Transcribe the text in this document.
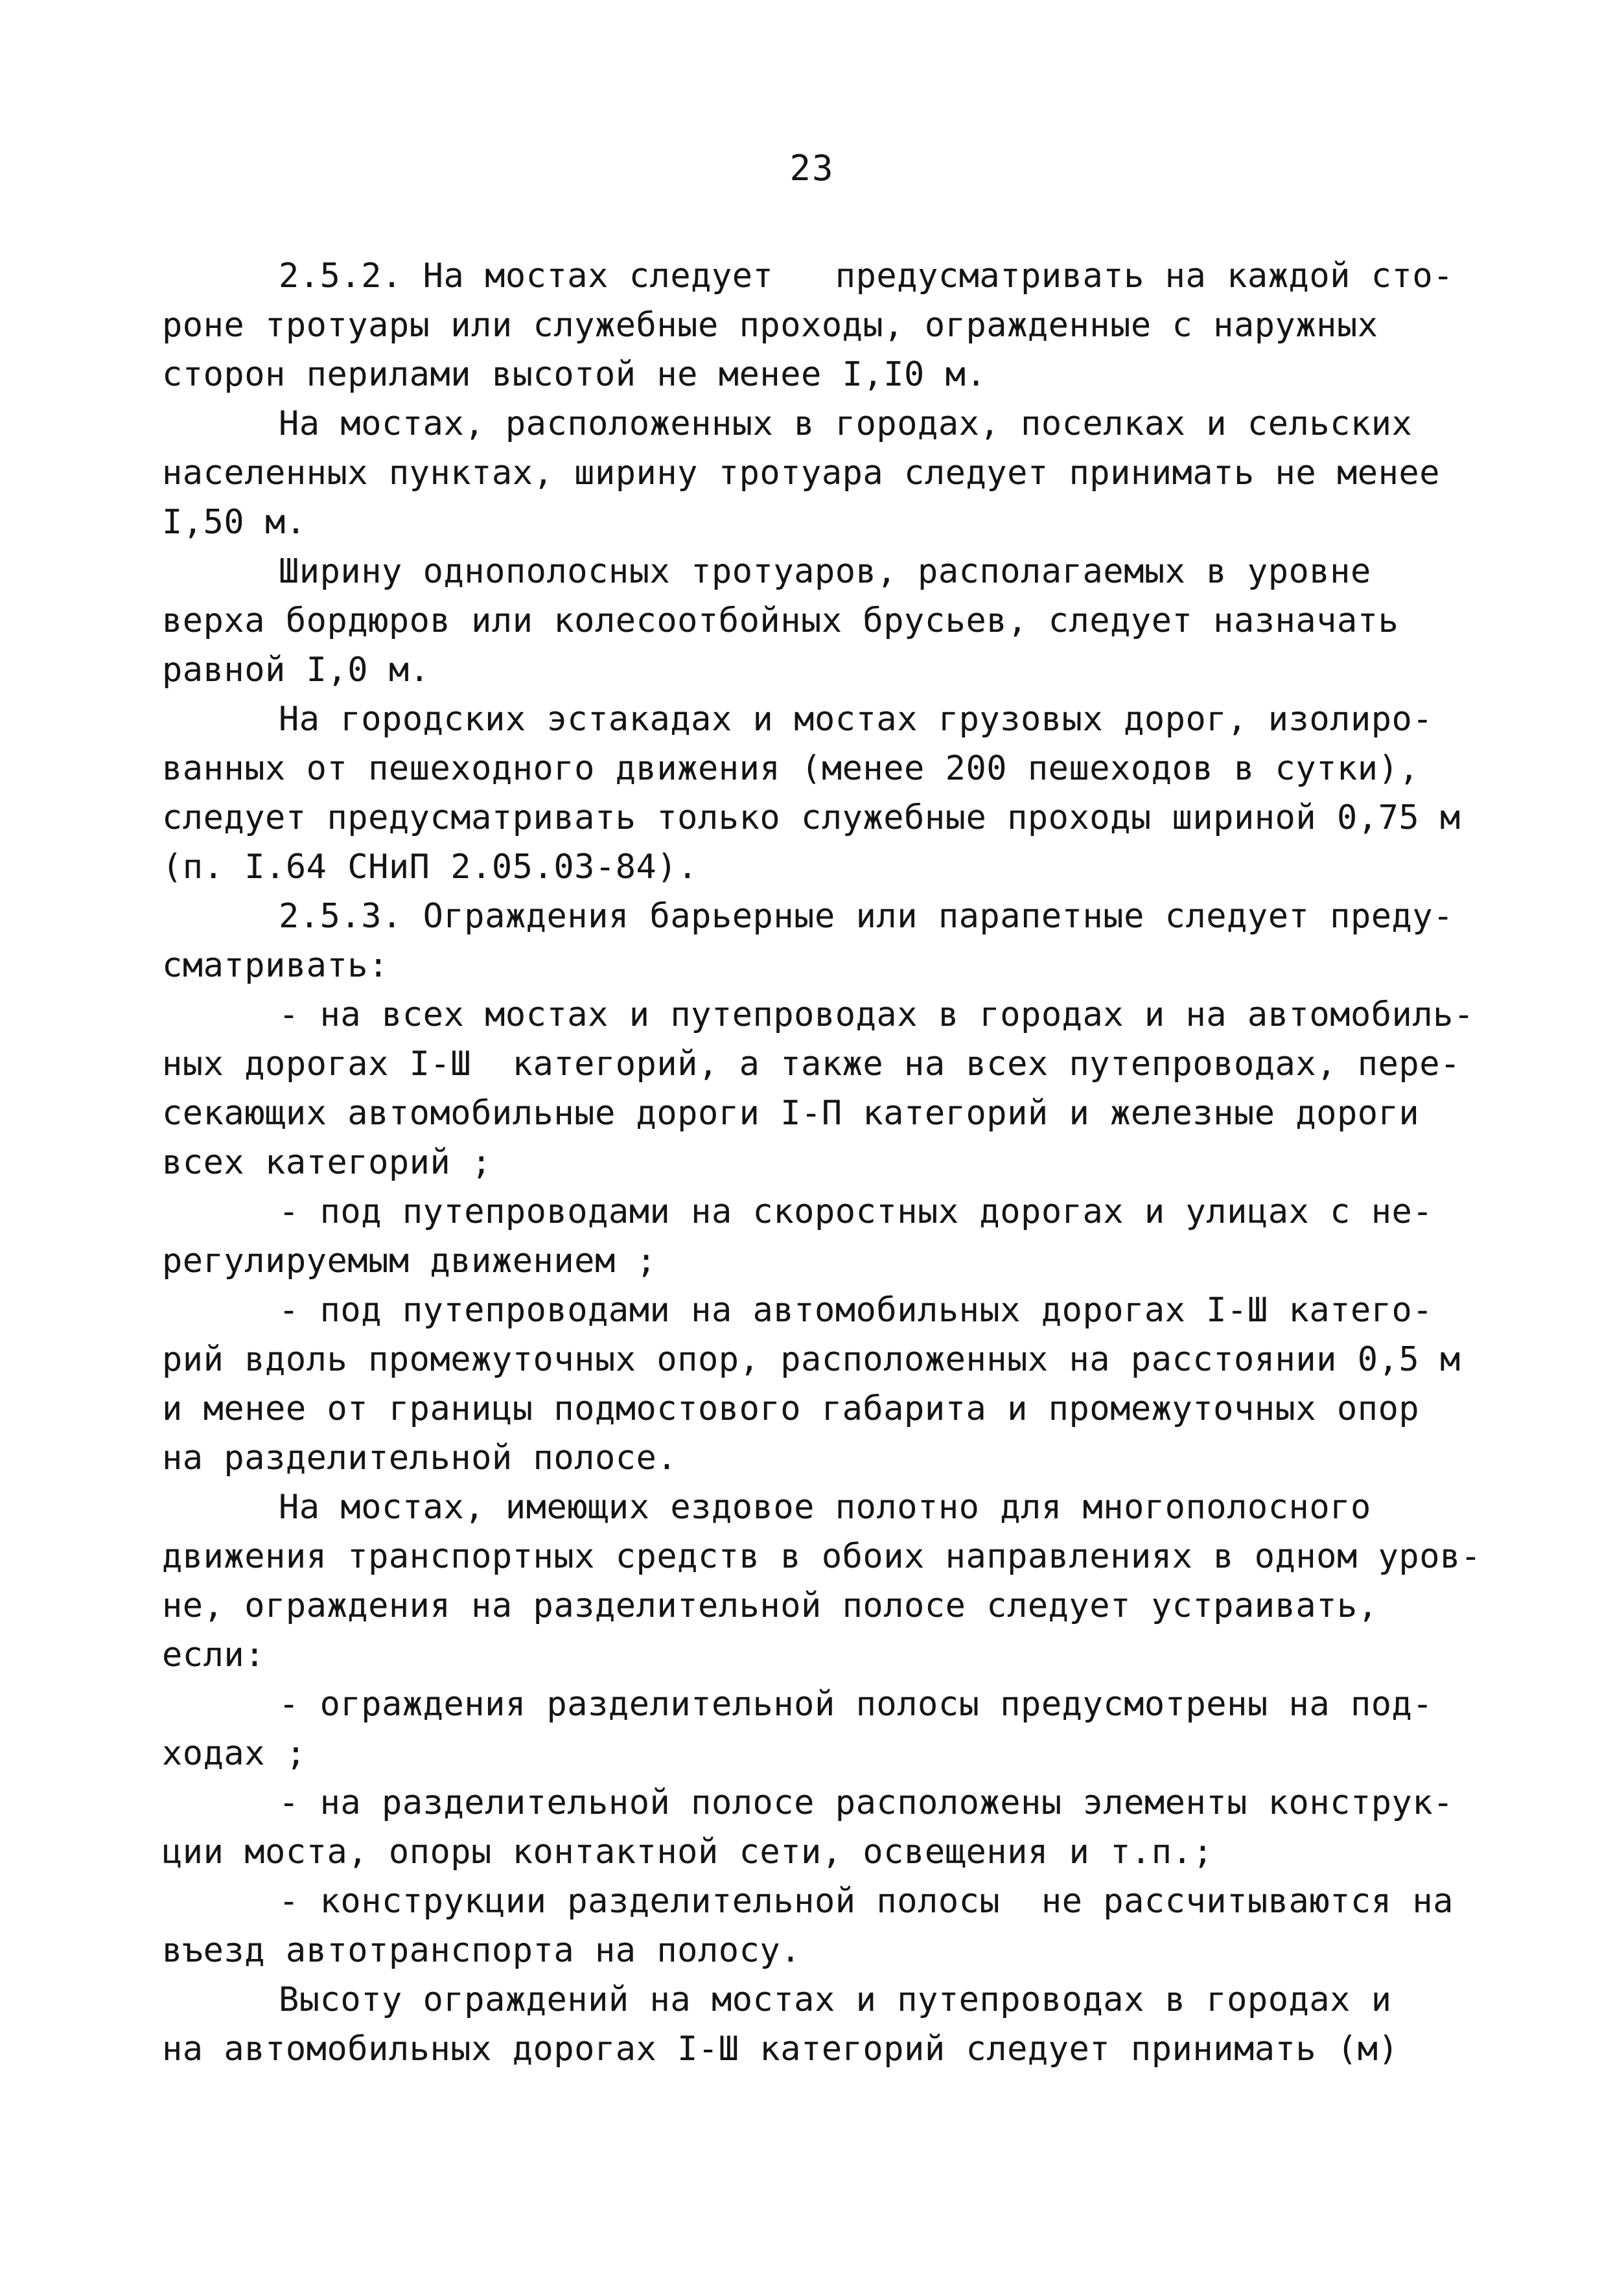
23
2.5.2. На мостах следует   предусматривать на каждой сто-
роне тротуары или служебные проходы, огражденные с наружных
сторон перилами высотой не менее I,I0 м.
На мостах, расположенных в городах, поселках и сельских
населенных пунктах, ширину тротуара следует принимать не менее
I,50 м.
Ширину однополосных тротуаров, располагаемых в уровне
верха бордюров или колесоотбойных брусьев, следует назначать
равной I,0 м.
На городских эстакадах и мостах грузовых дорог, изолиро-
ванных от пешеходного движения (менее 200 пешеходов в сутки),
следует предусматривать только служебные проходы шириной 0,75 м
(п. I.64 СНиП 2.05.03-84).
2.5.3. Ограждения барьерные или парапетные следует преду-
сматривать:
- на всех мостах и путепроводах в городах и на автомобиль-
ных дорогах I-Ш  категорий, а также на всех путепроводах, пере-
секающих автомобильные дороги I-П категорий и железные дороги
всех категорий ;
- под путепроводами на скоростных дорогах и улицах с не-
регулируемым движением ;
- под путепроводами на автомобильных дорогах I-Ш катего-
рий вдоль промежуточных опор, расположенных на расстоянии 0,5 м
и менее от границы подмостового габарита и промежуточных опор
на разделительной полосе.
На мостах, имеющих ездовое полотно для многополосного
движения транспортных средств в обоих направлениях в одном уров-
не, ограждения на разделительной полосе следует устраивать,
если:
- ограждения разделительной полосы предусмотрены на под-
ходах ;
- на разделительной полосе расположены элементы конструк-
ции моста, опоры контактной сети, освещения и т.п.;
- конструкции разделительной полосы  не рассчитываются на
въезд автотранспорта на полосу.
Высоту ограждений на мостах и путепроводах в городах и
на автомобильных дорогах I-Ш категорий следует принимать (м)
